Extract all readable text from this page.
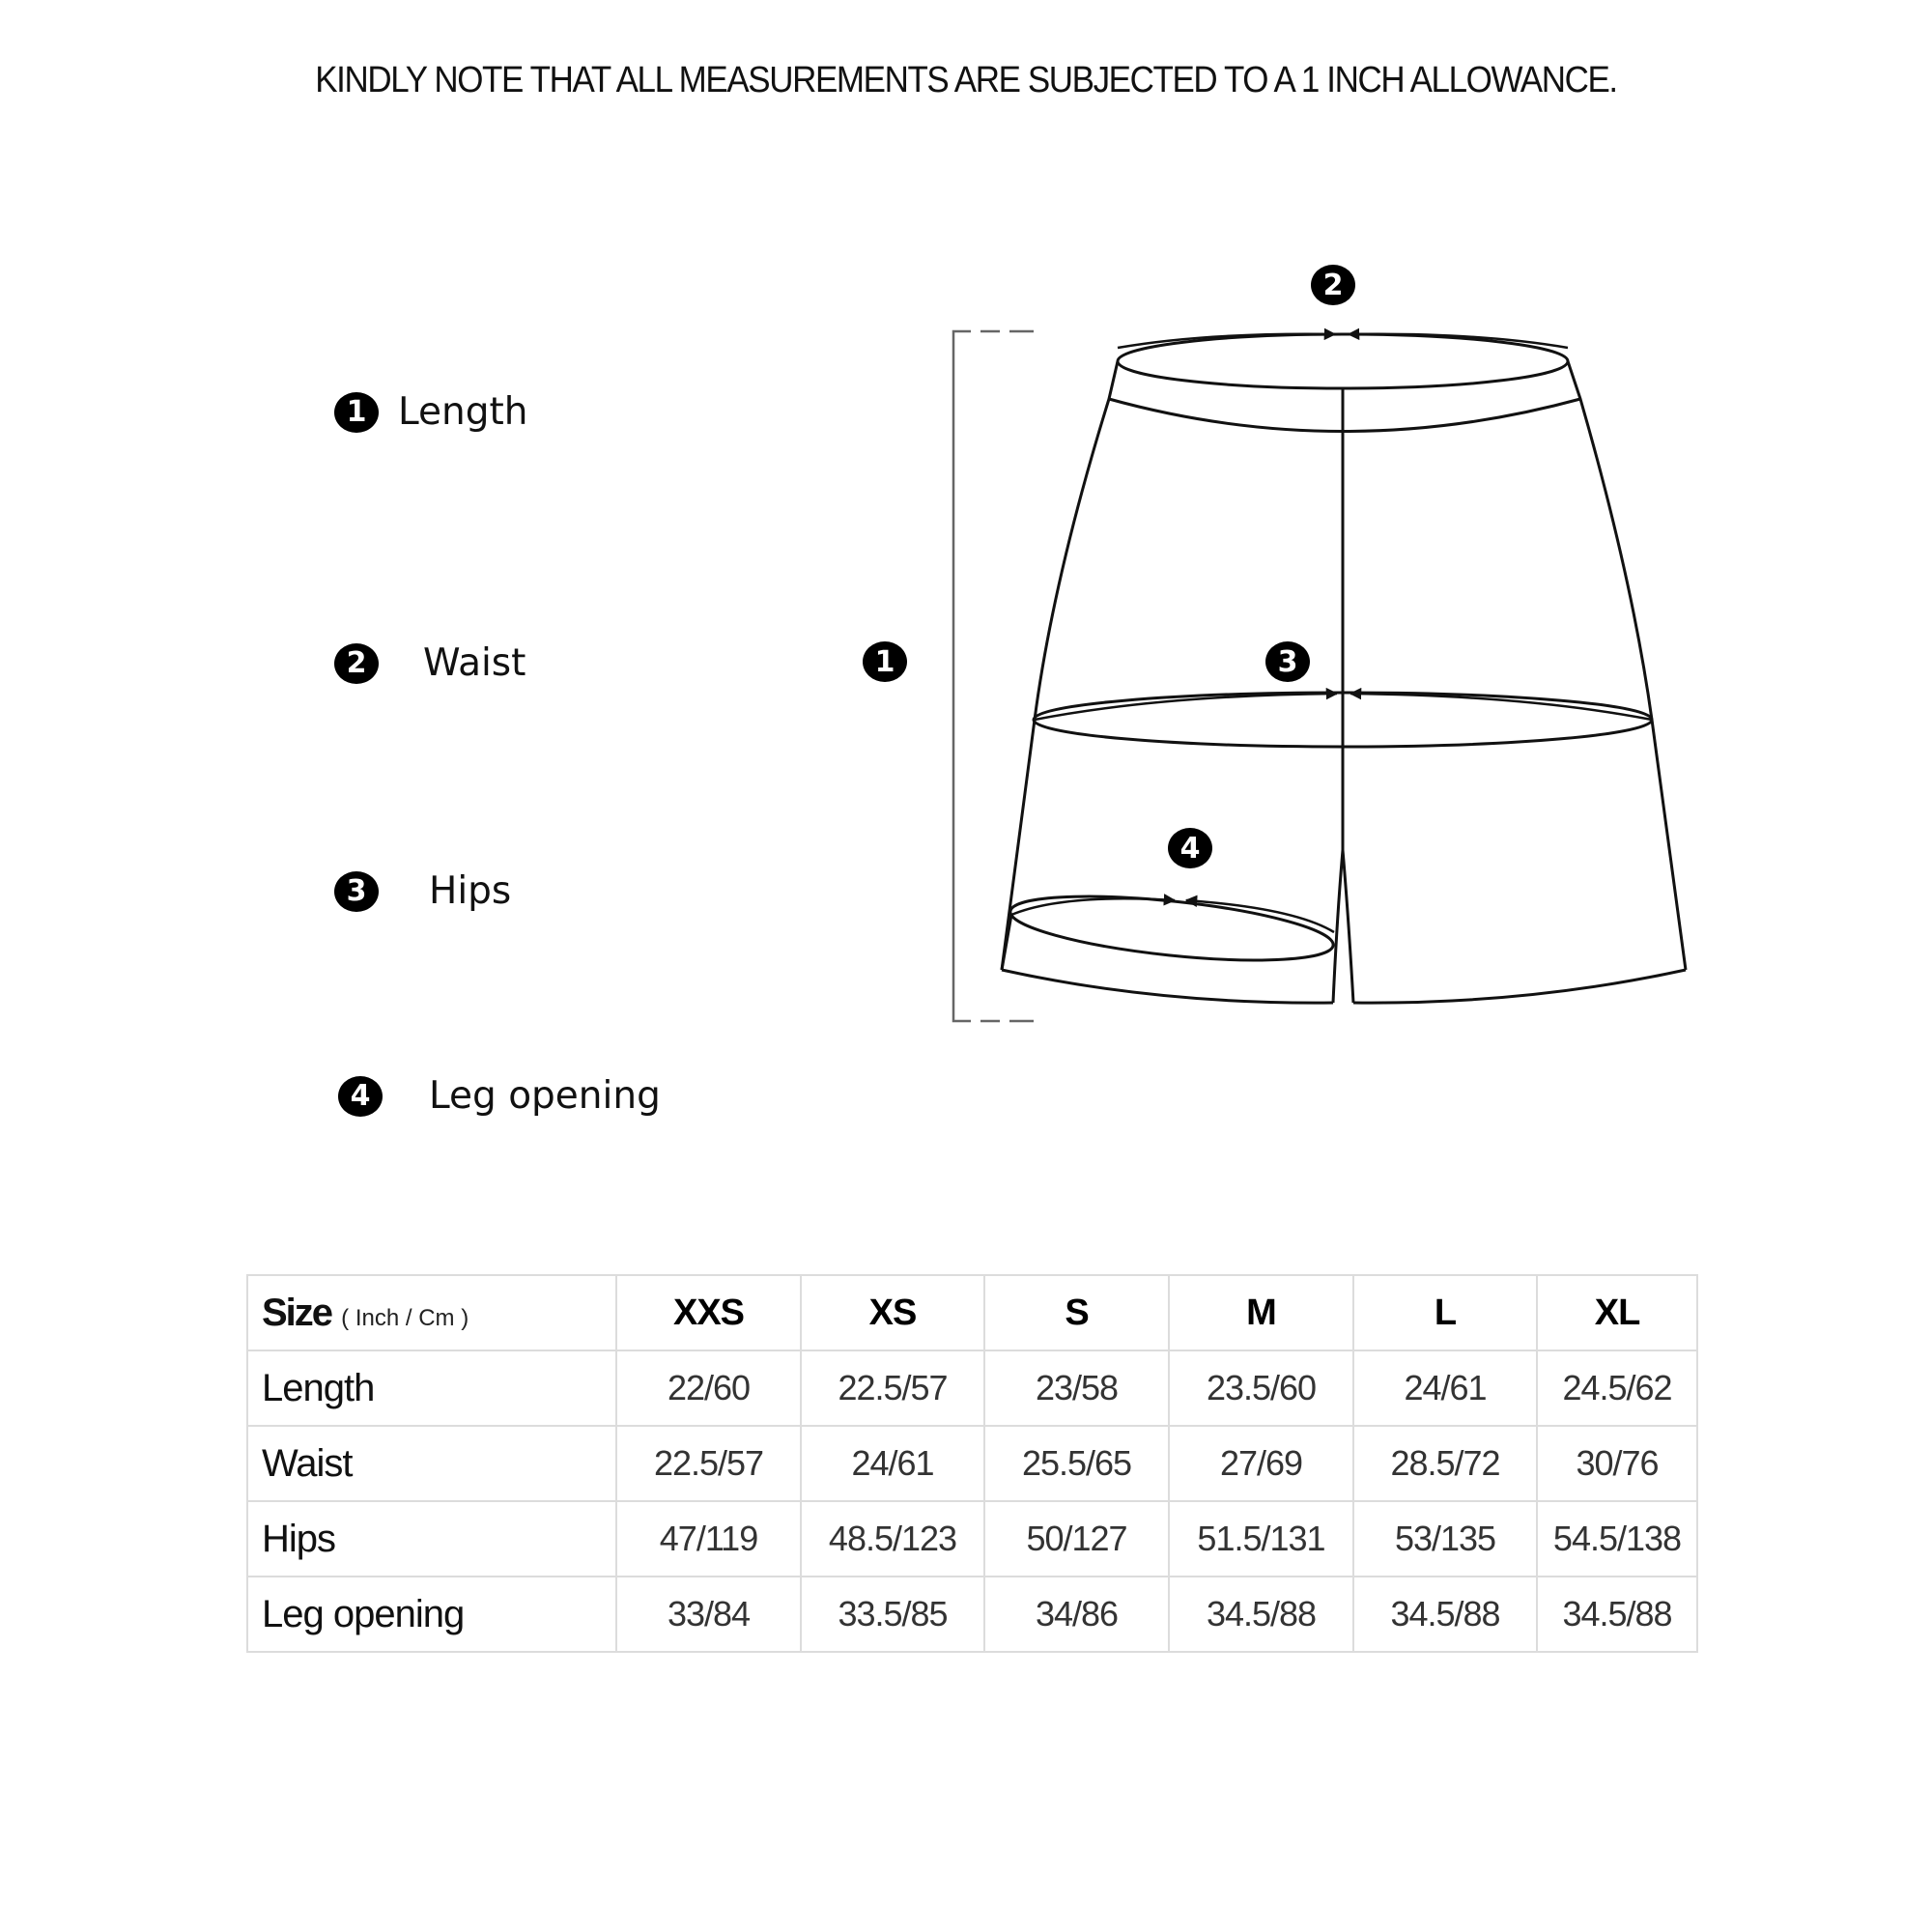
KINDLY NOTE THAT ALL MEASUREMENTS ARE SUBJECTED TO A 1 INCH ALLOWANCE.
1 Length
2	Waist
3	Hips
4	Leg opening
1
2
3
4
Size ( Inch / Cm )	XXS	XS	S	M	L	XL
Length	22/60	22.5/57	23/58	23.5/60	24/61	24.5/62
Waist	22.5/57	24/61	25.5/65	27/69	28.5/72	30/76
Hips	47/119	48.5/123	50/127	51.5/131	53/135	54.5/138
Leg opening	33/84	33.5/85	34/86	34.5/88	34.5/88	34.5/88
